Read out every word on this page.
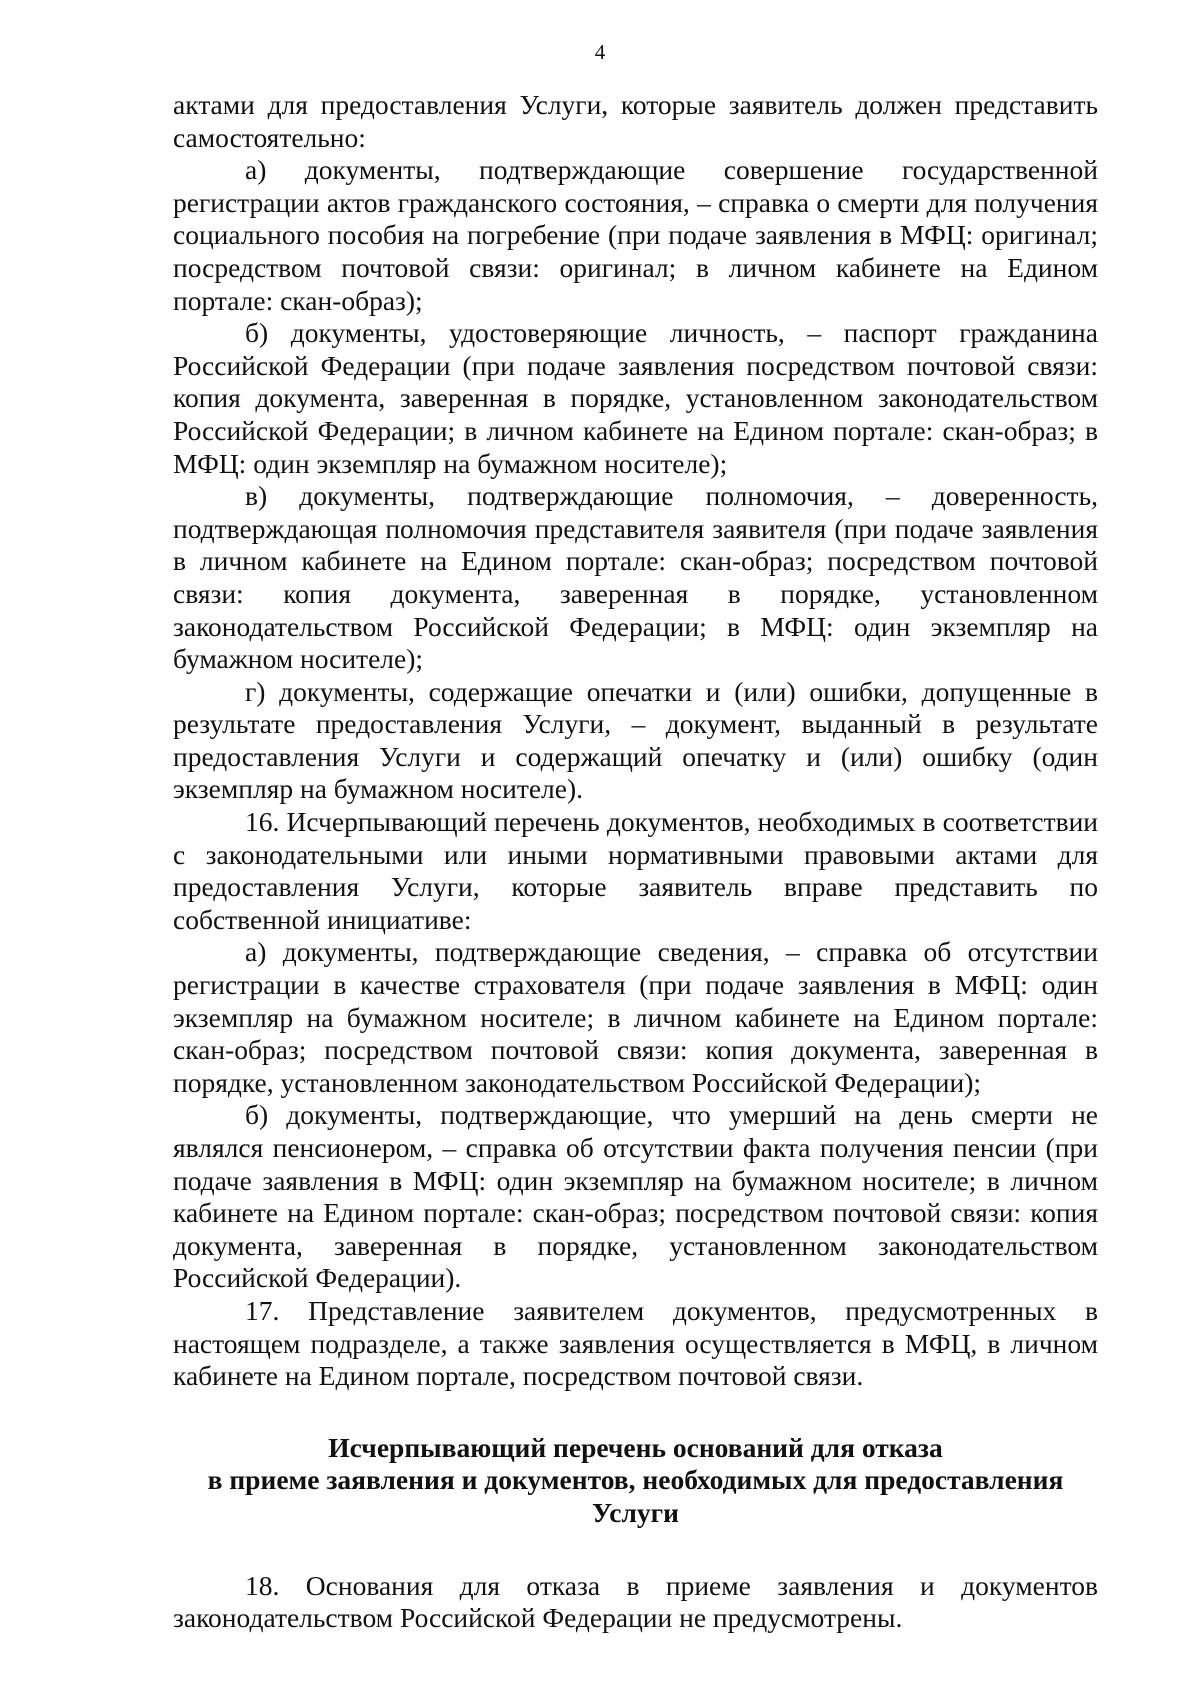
4

актами для предоставления Услуги, которые заявитель должен представить самостоятельно:

а) документы, подтверждающие совершение государственной регистрации актов гражданского состояния, – справка о смерти для получения социального пособия на погребение (при подаче заявления в МФЦ: оригинал; посредством почтовой связи: оригинал; в личном кабинете на Едином портале: скан-образ);

б) документы, удостоверяющие личность, – паспорт гражданина Российской Федерации (при подаче заявления посредством почтовой связи: копия документа, заверенная в порядке, установленном законодательством Российской Федерации; в личном кабинете на Едином портале: скан-образ; в МФЦ: один экземпляр на бумажном носителе);

в) документы, подтверждающие полномочия, – доверенность, подтверждающая полномочия представителя заявителя (при подаче заявления в личном кабинете на Едином портале: скан-образ; посредством почтовой связи: копия документа, заверенная в порядке, установленном законодательством Российской Федерации; в МФЦ: один экземпляр на бумажном носителе);

г) документы, содержащие опечатки и (или) ошибки, допущенные в результате предоставления Услуги, – документ, выданный в результате предоставления Услуги и содержащий опечатку и (или) ошибку (один экземпляр на бумажном носителе).

16. Исчерпывающий перечень документов, необходимых в соответствии с законодательными или иными нормативными правовыми актами для предоставления Услуги, которые заявитель вправе представить по собственной инициативе:

а) документы, подтверждающие сведения, – справка об отсутствии регистрации в качестве страхователя (при подаче заявления в МФЦ: один экземпляр на бумажном носителе; в личном кабинете на Едином портале: скан-образ; посредством почтовой связи: копия документа, заверенная в порядке, установленном законодательством Российской Федерации);

б) документы, подтверждающие, что умерший на день смерти не являлся пенсионером, – справка об отсутствии факта получения пенсии (при подаче заявления в МФЦ: один экземпляр на бумажном носителе; в личном кабинете на Едином портале: скан-образ; посредством почтовой связи: копия документа, заверенная в порядке, установленном законодательством Российской Федерации).

17. Представление заявителем документов, предусмотренных в настоящем подразделе, а также заявления осуществляется в МФЦ, в личном кабинете на Едином портале, посредством почтовой связи.

Исчерпывающий перечень оснований для отказа
в приеме заявления и документов, необходимых для предоставления
Услуги

18. Основания для отказа в приеме заявления и документов законодательством Российской Федерации не предусмотрены.
